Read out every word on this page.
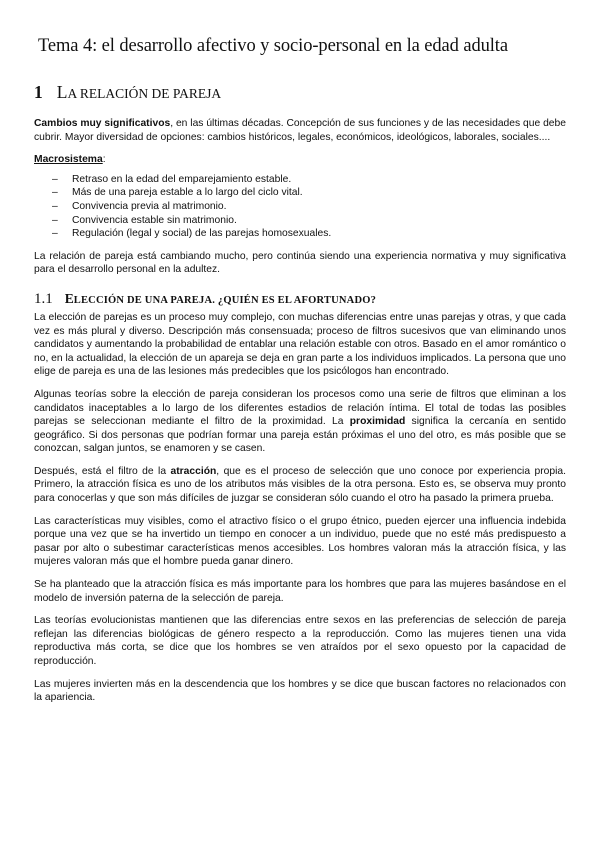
Tema 4: el desarrollo afectivo y socio-personal en la edad adulta
1 LA RELACIÓN DE PAREJA

Cambios muy significativos, en las últimas décadas. Concepción de sus funciones y de las necesidades que debe cubrir. Mayor diversidad de opciones: cambios históricos, legales, económicos, ideológicos, laborales, sociales....

Macrosistema:

– Retraso en la edad del emparejamiento estable.
– Más de una pareja estable a lo largo del ciclo vital.
– Convivencia previa al matrimonio.
– Convivencia estable sin matrimonio.
– Regulación (legal y social) de las parejas homosexuales.

La relación de pareja está cambiando mucho, pero continúa siendo una experiencia normativa y muy significativa para el desarrollo personal en la adultez.

1.1 ELECCIÓN DE UNA PAREJA. ¿QUIÉN ES EL AFORTUNADO?

La elección de parejas es un proceso muy complejo, con muchas diferencias entre unas parejas y otras, y que cada vez es más plural y diverso. Descripción más consensuada; proceso de filtros sucesivos que van eliminando unos candidatos y aumentando la probabilidad de entablar una relación estable con otros. Basado en el amor romántico o no, en la actualidad, la elección de un apareja se deja en gran parte a los individuos implicados. La persona que uno elige de pareja es una de las lesiones más predecibles que los psicólogos han encontrado.

Algunas teorías sobre la elección de pareja consideran los procesos como una serie de filtros que eliminan a los candidatos inaceptables a lo largo de los diferentes estadios de relación íntima. El total de todas las posibles parejas se seleccionan mediante el filtro de la proximidad. La proximidad significa la cercanía en sentido geográfico. Si dos personas que podrían formar una pareja están próximas el uno del otro, es más posible que se conozcan, salgan juntos, se enamoren y se casen.

Después, está el filtro de la atracción, que es el proceso de selección que uno conoce por experiencia propia. Primero, la atracción física es uno de los atributos más visibles de la otra persona. Esto es, se observa muy pronto para conocerlas y que son más difíciles de juzgar se consideran sólo cuando el otro ha pasado la primera prueba.

Las características muy visibles, como el atractivo físico o el grupo étnico, pueden ejercer una influencia indebida porque una vez que se ha invertido un tiempo en conocer a un individuo, puede que no esté más predispuesto a pasar por alto o subestimar características menos accesibles. Los hombres valoran más la atracción física, y las mujeres valoran más que el hombre pueda ganar dinero.

Se ha planteado que la atracción física es más importante para los hombres que para las mujeres basándose en el modelo de inversión paterna de la selección de pareja.

Las teorías evolucionistas mantienen que las diferencias entre sexos en las preferencias de selección de pareja reflejan las diferencias biológicas de género respecto a la reproducción. Como las mujeres tienen una vida reproductiva más corta, se dice que los hombres se ven atraídos por el sexo opuesto por la capacidad de reproducción.

Las mujeres invierten más en la descendencia que los hombres y se dice que buscan factores no relacionados con la apariencia.
